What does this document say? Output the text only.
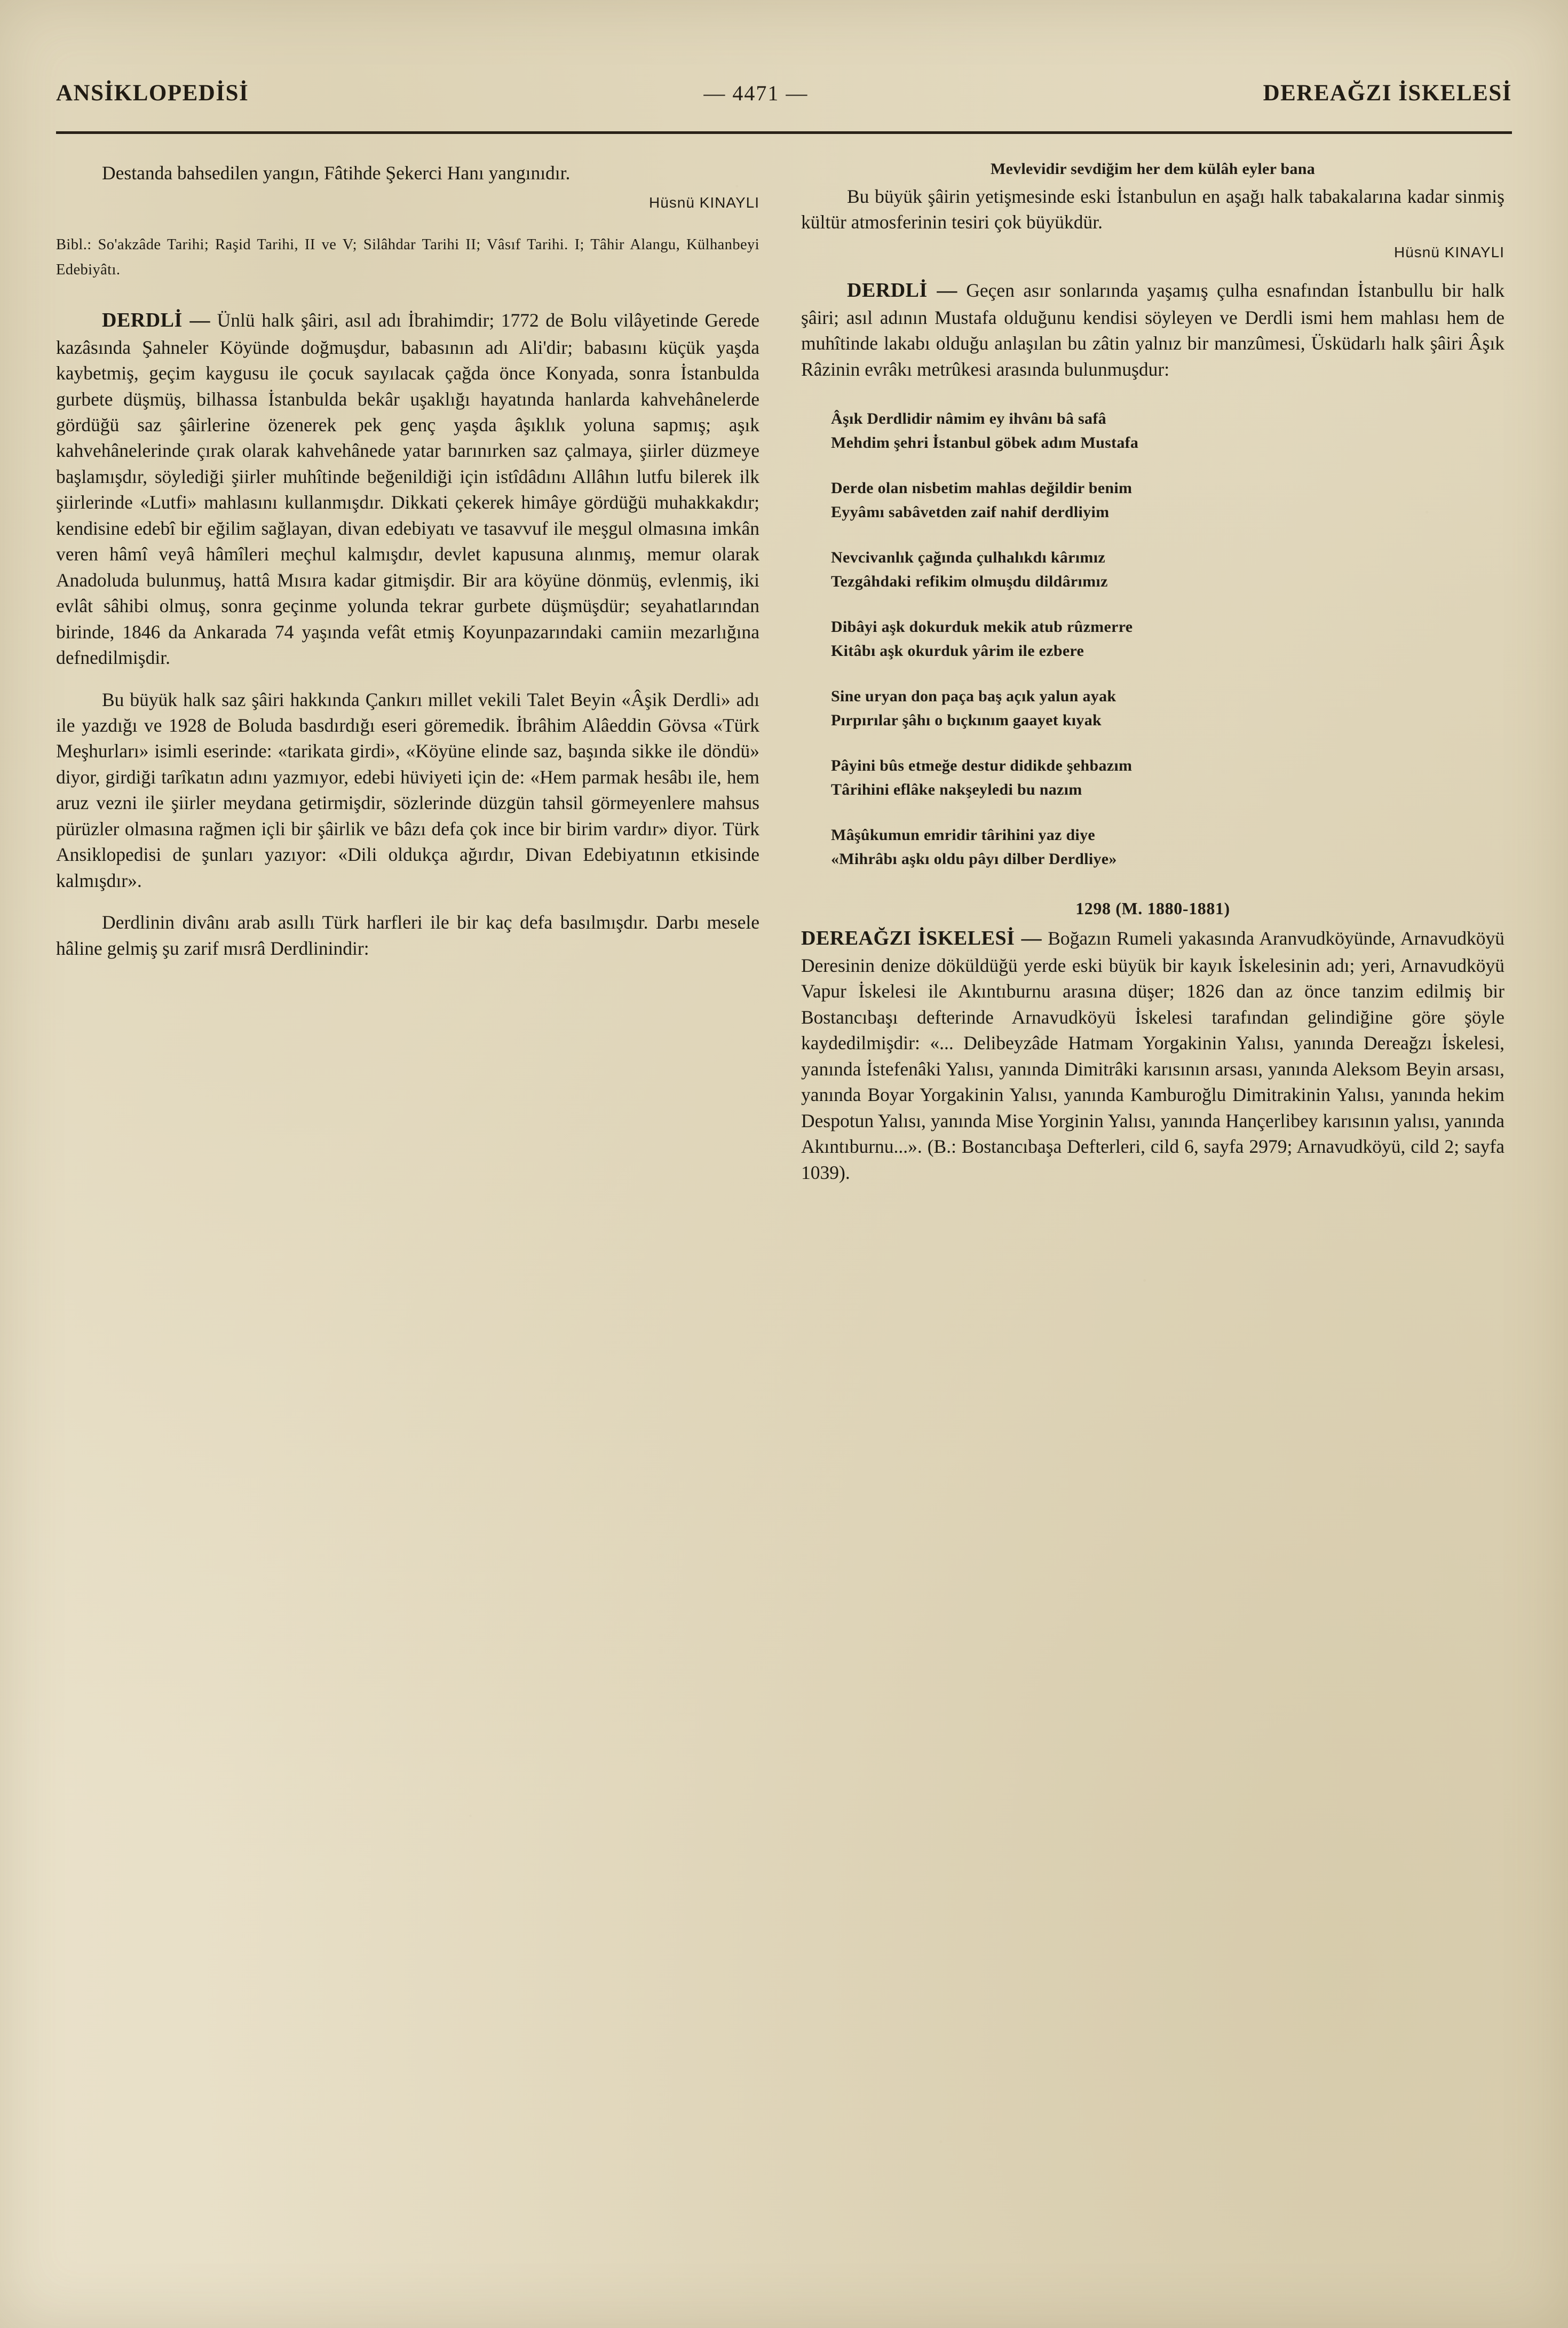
ANSİKLOPEDİSİ	— 4471 —	DEREAĞZI İSKELESİ

Destanda bahsedilen yangın, Fâtihde Şekerci Hanı yangınıdır.

Hüsnü KINAYLI

Bibl.: So'akzâde Tarihi; Raşid Tarihi, II ve V; Silâhdar Tarihi II; Vâsıf Tarihi. I; Tâhir Alangu, Külhanbeyi Edebiyâtı.

DERDLİ — Ünlü halk şâiri, asıl adı İbrahimdir; 1772 de Bolu vilâyetinde Gerede kazâsında Şahneler Köyünde doğmuşdur, babasının adı Ali'dir; babasını küçük yaşda kaybetmiş, geçim kaygusu ile çocuk sayılacak çağda önce Konyada, sonra İstanbulda gurbete düşmüş, bilhassa İstanbulda bekâr uşaklığı hayatında hanlarda kahvehânelerde gördüğü saz şâirlerine özenerek pek genç yaşda âşıklık yoluna sapmış; aşık kahvehânelerinde çırak olarak kahvehânede yatar barınırken saz çalmaya, şiirler düzmeye başlamışdır, söylediği şiirler muhîtinde beğenildiği için istîdâdını Allâhın lutfu bilerek ilk şiirlerinde «Lutfi» mahlasını kullanmışdır. Dikkati çekerek himâye gördüğü muhakkakdır; kendisine edebî bir eğilim sağlayan, divan edebiyatı ve tasavvuf ile meşgul olmasına imkân veren hâmî veyâ hâmîleri meçhul kalmışdır, devlet kapusuna alınmış, memur olarak Anadoluda bulunmuş, hattâ Mısıra kadar gitmişdir. Bir ara köyüne dönmüş, evlenmiş, iki evlât sâhibi olmuş, sonra geçinme yolunda tekrar gurbete düşmüşdür; seyahatlarından birinde, 1846 da Ankarada 74 yaşında vefât etmiş Koyunpazarındaki camiin mezarlığına defnedilmişdir.

Bu büyük halk saz şâiri hakkında Çankırı millet vekili Talet Beyin «Âşik Derdli» adı ile yazdığı ve 1928 de Boluda basdırdığı eseri göremedik. İbrâhim Alâeddin Gövsa «Türk Meşhurları» isimli eserinde: «tarikata girdi», «Köyüne elinde saz, başında sikke ile döndü» diyor, girdiği tarîkatın adını yazmıyor, edebi hüviyeti için de: «Hem parmak hesâbı ile, hem aruz vezni ile şiirler meydana getirmişdir, sözlerinde düzgün tahsil görmeyenlere mahsus pürüzler olmasına rağmen içli bir şâirlik ve bâzı defa çok ince bir birim vardır» diyor. Türk Ansiklopedisi de şunları yazıyor: «Dili oldukça ağırdır, Divan Edebiyatının etkisinde kalmışdır».

Derdlinin divânı arab asıllı Türk harfleri ile bir kaç defa basılmışdır. Darbı mesele hâline gelmiş şu zarif mısrâ Derdlinindir:

Mevlevidir sevdiğim her dem külâh eyler bana

Bu büyük şâirin yetişmesinde eski İstanbulun en aşağı halk tabakalarına kadar sinmiş kültür atmosferinin tesiri çok büyükdür.

Hüsnü KINAYLI

DERDLİ — Geçen asır sonlarında yaşamış çulha esnafından İstanbullu bir halk şâiri; asıl adının Mustafa olduğunu kendisi söyleyen ve Derdli ismi hem mahlası hem de muhîtinde lakabı olduğu anlaşılan bu zâtin yalnız bir manzûmesi, Üsküdarlı halk şâiri Âşık Râzinin evrâkı metrûkesi arasında bulunmuşdur:

Âşık Derdlidir nâmim ey ihvânı bâ safâ
Mehdim şehri İstanbul göbek adım Mustafa
Derde olan nisbetim mahlas değildir benim
Eyyâmı sabâvetden zaif nahif derdliyim
Nevcivanlık çağında çulhalıkdı kârımız
Tezgâhdaki refikim olmuşdu dildârımız
Dibâyi aşk dokurduk mekik atub rûzmerre
Kitâbı aşk okurduk yârim ile ezbere
Sine uryan don paça baş açık yalun ayak
Pırpırılar şâhı o bıçkınım gaayet kıyak
Pâyini bûs etmeğe destur didikde şehbazım
Târihini eflâke nakşeyledi bu nazım
Mâşûkumun emridir târihini yaz diye
«Mihrâbı aşkı oldu pâyı dilber Derdliye»
1298 (M. 1880-1881)

DEREAĞZI İSKELESİ — Boğazın Rumeli yakasında Aranvudköyünde, Arnavudköyü Deresinin denize döküldüğü yerde eski büyük bir kayık İskelesinin adı; yeri, Arnavudköyü Vapur İskelesi ile Akıntıburnu arasına düşer; 1826 dan az önce tanzim edilmiş bir Bostancıbaşı defterinde Arnavudköyü İskelesi tarafından gelindiğine göre şöyle kaydedilmişdir: «... Delibeyzâde Hatmam Yorgakinin Yalısı, yanında Dereağzı İskelesi, yanında İstefenâki Yalısı, yanında Dimitrâki karısının arsası, yanında Aleksom Beyin arsası, yanında Boyar Yorgakinin Yalısı, yanında Kamburoğlu Dimitrakinin Yalısı, yanında hekim Despotun Yalısı, yanında Mise Yorginin Yalısı, yanında Hançerlibey karısının yalısı, yanında Akıntıburnu...». (B.: Bostancıbaşa Defterleri, cild 6, sayfa 2979; Arnavudköyü, cild 2; sayfa 1039).
